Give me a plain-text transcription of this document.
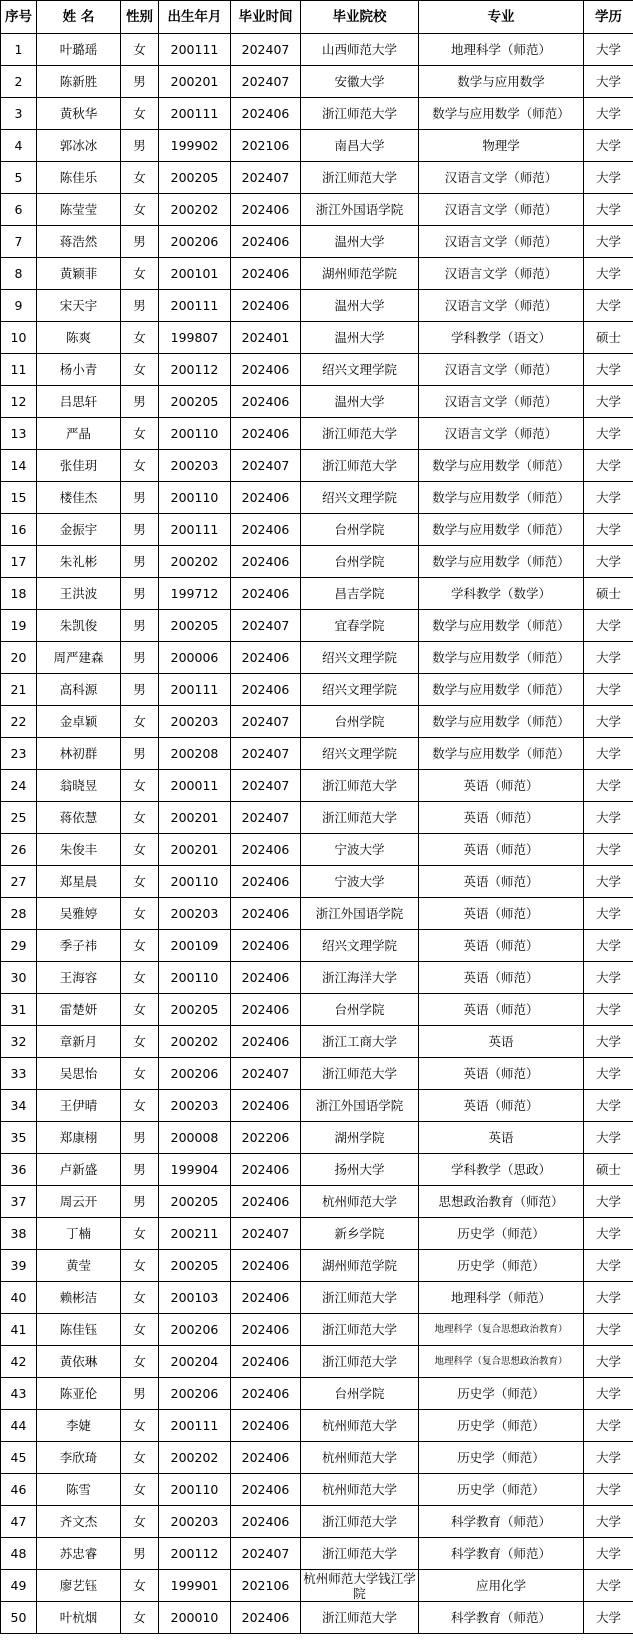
序号	姓 名	性别	出生年月	毕业时间	毕业院校	专业	学历
1	叶璐瑶	女	200111	202407	山西师范大学	地理科学（师范）	大学
2	陈新胜	男	200201	202407	安徽大学	数学与应用数学	大学
3	黄秋华	女	200111	202406	浙江师范大学	数学与应用数学（师范）	大学
4	郭冰冰	男	199902	202106	南昌大学	物理学	大学
5	陈佳乐	女	200205	202407	浙江师范大学	汉语言文学（师范）	大学
6	陈莹莹	女	200202	202406	浙江外国语学院	汉语言文学（师范）	大学
7	蒋浩然	男	200206	202406	温州大学	汉语言文学（师范）	大学
8	黄颖菲	女	200101	202406	湖州师范学院	汉语言文学（师范）	大学
9	宋天宇	男	200111	202406	温州大学	汉语言文学（师范）	大学
10	陈爽	女	199807	202401	温州大学	学科教学（语文）	硕士
11	杨小青	女	200112	202406	绍兴文理学院	汉语言文学（师范）	大学
12	吕思轩	男	200205	202406	温州大学	汉语言文学（师范）	大学
13	严晶	女	200110	202406	浙江师范大学	汉语言文学（师范）	大学
14	张佳玥	女	200203	202407	浙江师范大学	数学与应用数学（师范）	大学
15	楼佳杰	男	200110	202406	绍兴文理学院	数学与应用数学（师范）	大学
16	金振宇	男	200111	202406	台州学院	数学与应用数学（师范）	大学
17	朱礼彬	男	200202	202406	台州学院	数学与应用数学（师范）	大学
18	王洪波	男	199712	202406	昌吉学院	学科教学（数学）	硕士
19	朱凯俊	男	200205	202407	宜春学院	数学与应用数学（师范）	大学
20	周严建森	男	200006	202406	绍兴文理学院	数学与应用数学（师范）	大学
21	高科源	男	200111	202406	绍兴文理学院	数学与应用数学（师范）	大学
22	金卓颖	女	200203	202407	台州学院	数学与应用数学（师范）	大学
23	林初群	男	200208	202407	绍兴文理学院	数学与应用数学（师范）	大学
24	翁晓昱	女	200011	202407	浙江师范大学	英语（师范）	大学
25	蒋依慧	女	200201	202407	浙江师范大学	英语（师范）	大学
26	朱俊丰	女	200201	202406	宁波大学	英语（师范）	大学
27	郑星晨	女	200110	202406	宁波大学	英语（师范）	大学
28	吴雅婷	女	200203	202406	浙江外国语学院	英语（师范）	大学
29	季子祎	女	200109	202406	绍兴文理学院	英语（师范）	大学
30	王海容	女	200110	202406	浙江海洋大学	英语（师范）	大学
31	雷楚妍	女	200205	202406	台州学院	英语（师范）	大学
32	章新月	女	200202	202406	浙江工商大学	英语	大学
33	吴思怡	女	200206	202407	浙江师范大学	英语（师范）	大学
34	王伊晴	女	200203	202406	浙江外国语学院	英语（师范）	大学
35	郑康栩	男	200008	202206	湖州学院	英语	大学
36	卢新盛	男	199904	202406	扬州大学	学科教学（思政）	硕士
37	周云开	男	200205	202406	杭州师范大学	思想政治教育（师范）	大学
38	丁楠	女	200211	202407	新乡学院	历史学（师范）	大学
39	黄莹	女	200205	202406	湖州师范学院	历史学（师范）	大学
40	赖彬洁	女	200103	202406	浙江师范大学	地理科学（师范）	大学
41	陈佳钰	女	200206	202406	浙江师范大学	地理科学（复合思想政治教育）	大学
42	黄依琳	女	200204	202406	浙江师范大学	地理科学（复合思想政治教育）	大学
43	陈亚伦	男	200206	202406	台州学院	历史学（师范）	大学
44	李婕	女	200111	202406	杭州师范大学	历史学（师范）	大学
45	李欣琦	女	200202	202406	杭州师范大学	历史学（师范）	大学
46	陈雪	女	200110	202406	杭州师范大学	历史学（师范）	大学
47	齐文杰	女	200203	202406	浙江师范大学	科学教育（师范）	大学
48	苏忠睿	男	200112	202407	浙江师范大学	科学教育（师范）	大学
49	廖艺钰	女	199901	202106	杭州师范大学钱江学院	应用化学	大学
50	叶杭烟	女	200010	202406	浙江师范大学	科学教育（师范）	大学
